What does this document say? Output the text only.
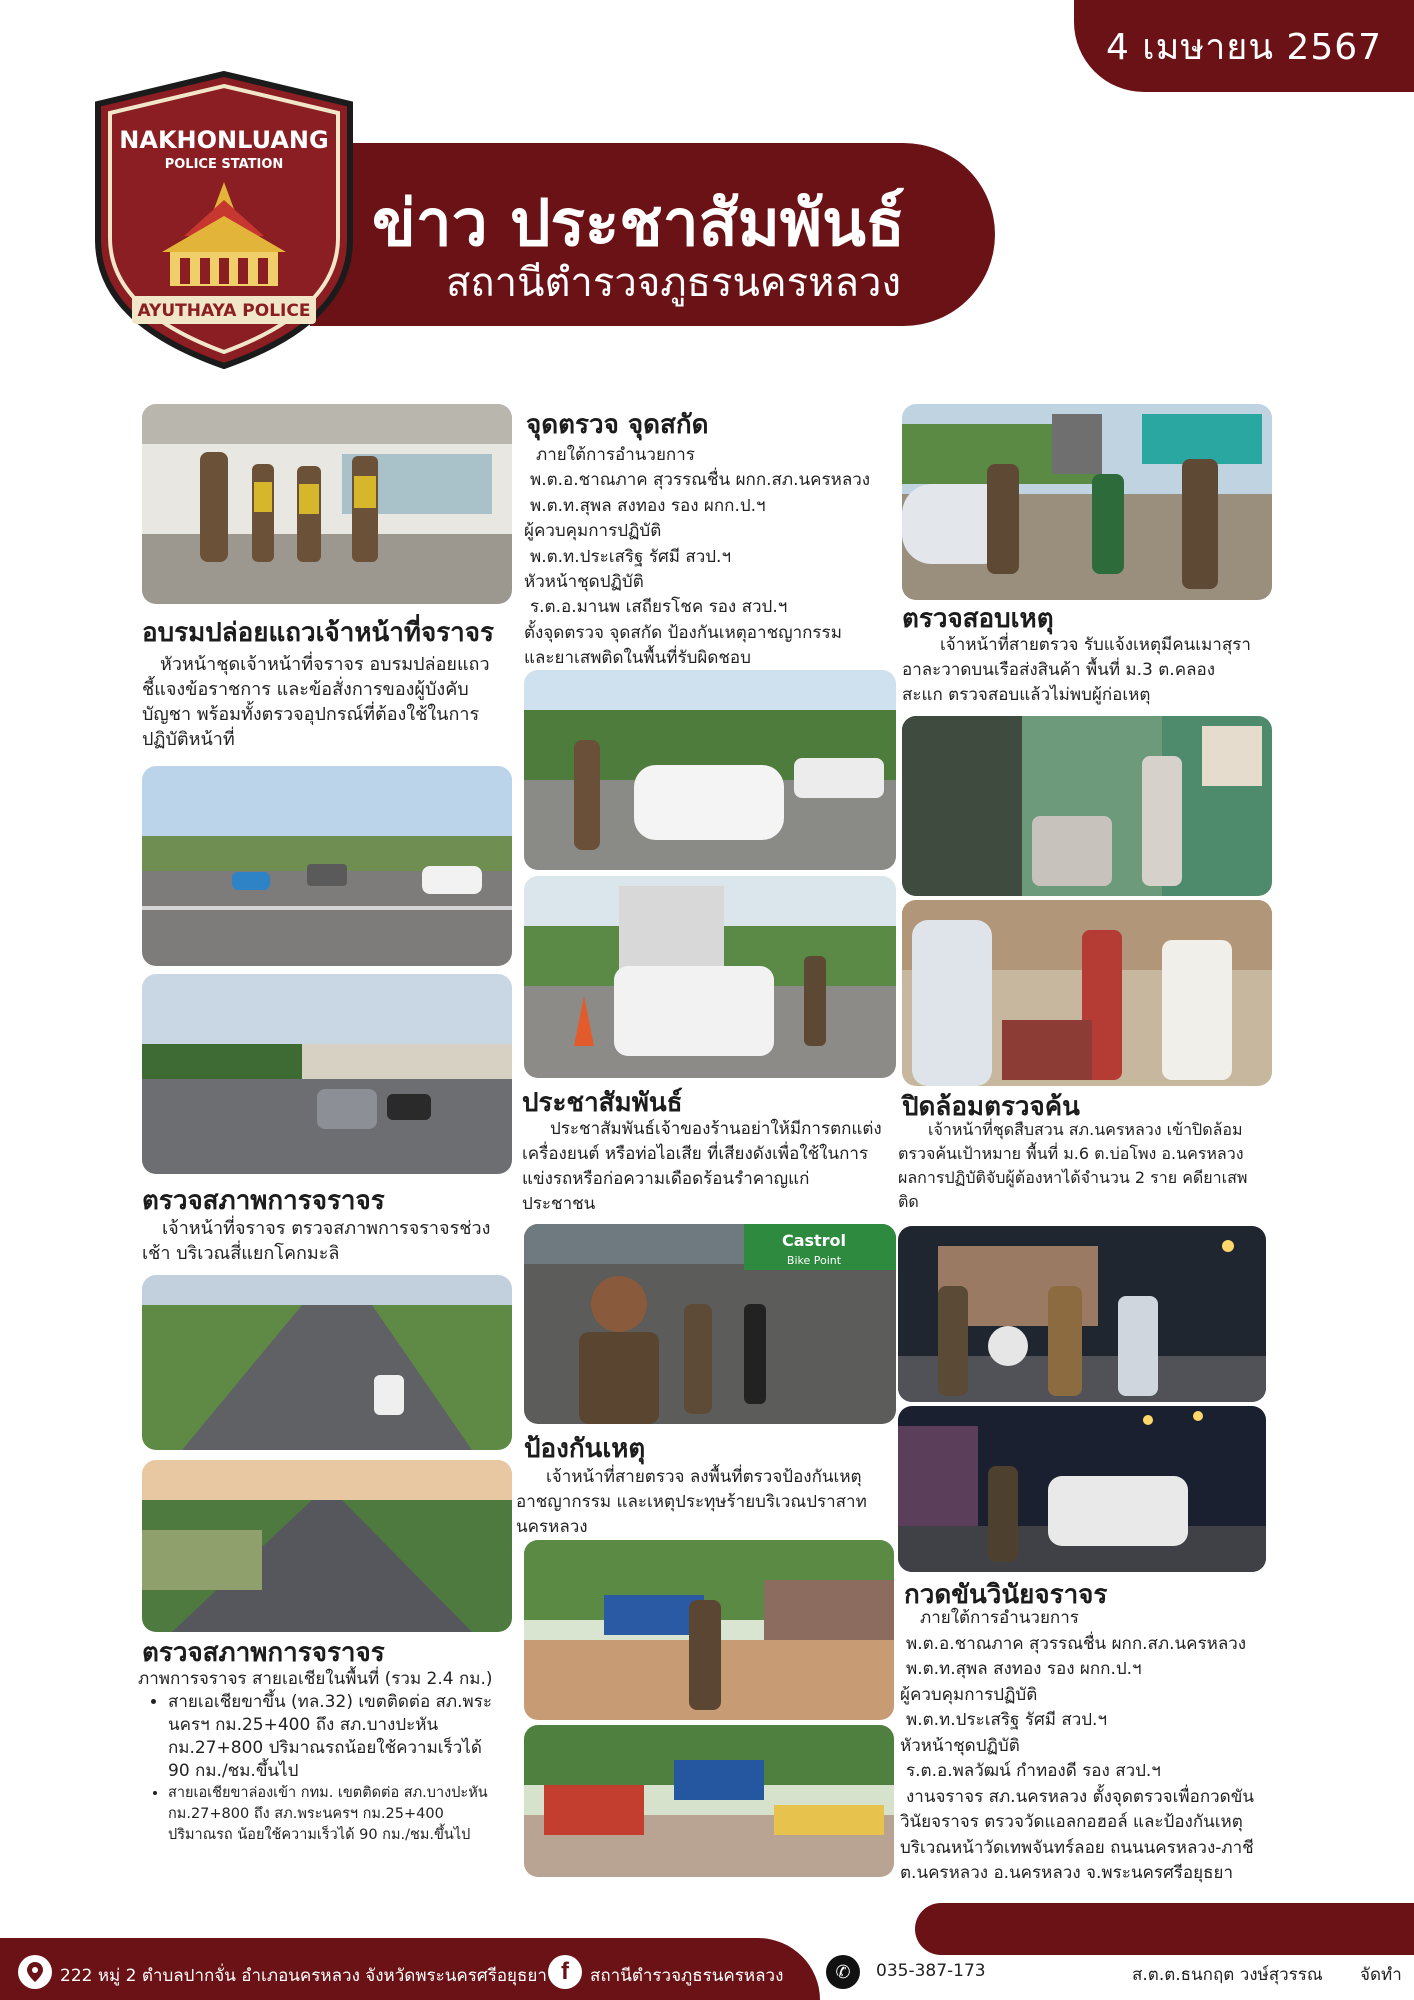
4 เมษายน 2567
ข่าว ประชาสัมพันธ์
สถานีตำรวจภูธรนครหลวง
NAKHONLUANG
POLICE STATION
AYUTHAYA POLICE
อบรมปล่อยแถวเจ้าหน้าที่จราจร

หัวหน้าชุดเจ้าหน้าที่จราจร อบรมปล่อยแถว

ชี้แจงข้อราชการ และข้อสั่งการของผู้บังคับ

บัญชา พร้อมทั้งตรวจอุปกรณ์ที่ต้องใช้ในการ

ปฏิบัติหน้าที่

ตรวจสภาพการจราจร

เจ้าหน้าที่จราจร ตรวจสภาพการจราจรช่วง

เช้า บริเวณสี่แยกโคกมะลิ

ตรวจสภาพการจราจร

ภาพการจราจร สายเอเชียในพื้นที่ (รวม 2.4 กม.)

• สายเอเชียขาขึ้น (ทล.32) เขตติดต่อ สภ.พระ
นครฯ กม.25+400 ถึง สภ.บางปะหัน
กม.27+800 ปริมาณรถน้อยใช้ความเร็วได้
90 กม./ชม.ขึ้นไป
• สายเอเชียขาล่องเข้า กทม. เขตติดต่อ สภ.บางปะหัน
กม.27+800 ถึง สภ.พระนครฯ กม.25+400
ปริมาณรถ น้อยใช้ความเร็วได้ 90 กม./ชม.ขึ้นไป
จุดตรวจ จุดสกัด

ภายใต้การอำนวยการ

พ.ต.อ.ชาณภาค สุวรรณชื่น ผกก.สภ.นครหลวง

พ.ต.ท.สุพล สงทอง รอง ผกก.ป.ฯ

ผู้ควบคุมการปฏิบัติ

พ.ต.ท.ประเสริฐ รัศมี สวป.ฯ

หัวหน้าชุดปฏิบัติ

ร.ต.อ.มานพ เสถียรโชค รอง สวป.ฯ

ตั้งจุดตรวจ จุดสกัด ป้องกันเหตุอาชญากรรม

และยาเสพติดในพื้นที่รับผิดชอบ

ประชาสัมพันธ์

ประชาสัมพันธ์เจ้าของร้านอย่าให้มีการตกแต่ง

เครื่องยนต์ หรือท่อไอเสีย ที่เสียงดังเพื่อใช้ในการ

แข่งรถหรือก่อความเดือดร้อนรำคาญแก่

ประชาชน

Castrol
Bike Point
ป้องกันเหตุ

เจ้าหน้าที่สายตรวจ ลงพื้นที่ตรวจป้องกันเหตุ

อาชญากรรม และเหตุประทุษร้ายบริเวณปราสาท

นครหลวง

ตรวจสอบเหตุ

เจ้าหน้าที่สายตรวจ รับแจ้งเหตุมีคนเมาสุรา

อาละวาดบนเรือส่งสินค้า พื้นที่ ม.3 ต.คลอง

สะแก ตรวจสอบแล้วไม่พบผู้ก่อเหตุ

ปิดล้อมตรวจค้น

เจ้าหน้าที่ชุดสืบสวน สภ.นครหลวง เข้าปิดล้อม

ตรวจค้นเป้าหมาย พื้นที่ ม.6 ต.บ่อโพง อ.นครหลวง

ผลการปฏิบัติจับผู้ต้องหาได้จำนวน 2 ราย คดียาเสพ

ติด

กวดขันวินัยจราจร

ภายใต้การอำนวยการ

พ.ต.อ.ชาณภาค สุวรรณชื่น ผกก.สภ.นครหลวง

พ.ต.ท.สุพล สงทอง รอง ผกก.ป.ฯ

ผู้ควบคุมการปฏิบัติ

พ.ต.ท.ประเสริฐ รัศมี สวป.ฯ

หัวหน้าชุดปฏิบัติ

ร.ต.อ.พลวัฒน์ กำทองดี รอง สวป.ฯ

งานจราจร สภ.นครหลวง ตั้งจุดตรวจเพื่อกวดขัน

วินัยจราจร ตรวจวัดแอลกอฮอล์ และป้องกันเหตุ

บริเวณหน้าวัดเทพจันทร์ลอย ถนนนครหลวง-ภาชี

ต.นครหลวง อ.นครหลวง จ.พระนครศรีอยุธยา

222 หมู่ 2 ตำบลปากจั่น อำเภอนครหลวง จังหวัดพระนครศรีอยุธยา f สถานีตำรวจภูธรนครหลวง	✆ 035-387-173	ส.ต.ต.ธนกฤต วงษ์สุวรรณ จัดทำ
